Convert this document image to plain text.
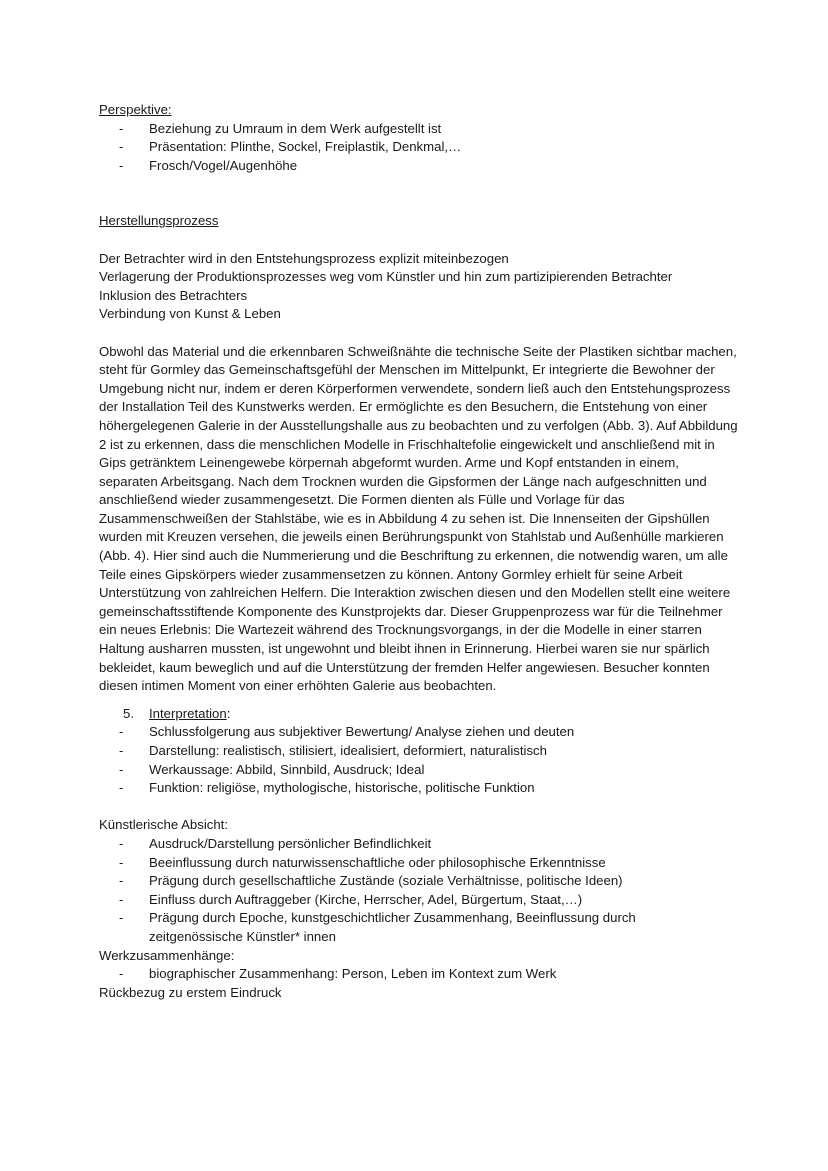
Perspektive:
- Beziehung zu Umraum in dem Werk aufgestellt ist
- Präsentation: Plinthe, Sockel, Freiplastik, Denkmal,…
- Frosch/Vogel/Augenhöhe
Herstellungsprozess
Der Betrachter wird in den Entstehungsprozess explizit miteinbezogen
Verlagerung der Produktionsprozesses weg vom Künstler und hin zum partizipierenden Betrachter
Inklusion des Betrachters
Verbindung von Kunst & Leben
Obwohl das Material und die erkennbaren Schweißnähte die technische Seite der Plastiken sichtbar machen, steht für Gormley das Gemeinschaftsgefühl der Menschen im Mittelpunkt, Er integrierte die Bewohner der Umgebung nicht nur, indem er deren Körperformen verwendete, sondern ließ auch den Entstehungsprozess der Installation Teil des Kunstwerks werden. Er ermöglichte es den Besuchern, die Entstehung von einer höhergelegenen Galerie in der Ausstellungshalle aus zu beobachten und zu verfolgen (Abb. 3). Auf Abbildung 2 ist zu erkennen, dass die menschlichen Modelle in Frischhaltefolie eingewickelt und anschließend mit in Gips getränktem Leinengewebe körpernah abgeformt wurden. Arme und Kopf entstanden in einem, separaten Arbeitsgang. Nach dem Trocknen wurden die Gipsformen der Länge nach aufgeschnitten und anschließend wieder zusammengesetzt. Die Formen dienten als Fülle und Vorlage für das Zusammenschweißen der Stahlstäbe, wie es in Abbildung 4 zu sehen ist. Die Innenseiten der Gipshüllen wurden mit Kreuzen versehen, die jeweils einen Berührungspunkt von Stahlstab und Außenhülle markieren (Abb. 4). Hier sind auch die Nummerierung und die Beschriftung zu erkennen, die notwendig waren, um alle Teile eines Gipskörpers wieder zusammensetzen zu können. Antony Gormley erhielt für seine Arbeit Unterstützung von zahlreichen Helfern. Die Interaktion zwischen diesen und den Modellen stellt eine weitere gemeinschaftsstiftende Komponente des Kunstprojekts dar. Dieser Gruppenprozess war für die Teilnehmer ein neues Erlebnis: Die Wartezeit während des Trocknungsvorgangs, in der die Modelle in einer starren Haltung ausharren mussten, ist ungewohnt und bleibt ihnen in Erinnerung. Hierbei waren sie nur spärlich bekleidet, kaum beweglich und auf die Unterstützung der fremden Helfer angewiesen. Besucher konnten diesen intimen Moment von einer erhöhten Galerie aus beobachten.
5. Interpretation:
- Schlussfolgerung aus subjektiver Bewertung/ Analyse ziehen und deuten
- Darstellung: realistisch, stilisiert, idealisiert, deformiert, naturalistisch
- Werkaussage: Abbild, Sinnbild, Ausdruck; Ideal
- Funktion: religiöse, mythologische, historische, politische Funktion
Künstlerische Absicht:
- Ausdruck/Darstellung persönlicher Befindlichkeit
- Beeinflussung durch naturwissenschaftliche oder philosophische Erkenntnisse
- Prägung durch gesellschaftliche Zustände (soziale Verhältnisse, politische Ideen)
- Einfluss durch Auftraggeber (Kirche, Herrscher, Adel, Bürgertum, Staat,…)
- Prägung durch Epoche, kunstgeschichtlicher Zusammenhang, Beeinflussung durch zeitgenössische Künstler* innen
Werkzusammenhänge:
- biographischer Zusammenhang: Person, Leben im Kontext zum Werk
Rückbezug zu erstem Eindruck
